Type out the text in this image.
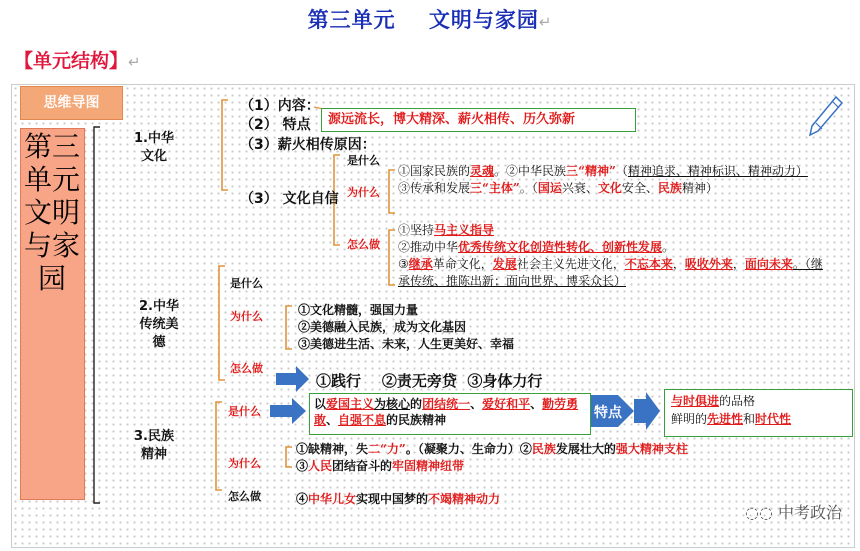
第三单元    文明与家园↵
【单元结构】↵
思维导图
第三单元 文明与家园
1.中华
文化
2.中华
传统美
德
3.民族
精神
（1）内容：
（2） 特点	源远流长，博大精深、薪火相传、历久弥新
（3）薪火相传原因：
（3） 文化自信
是什么
为什么
怎么做
①国家民族的灵魂。②中华民族三“精神”（精神追求、精神标识、精神动力）③传承和发展三“主体”。（国运兴衰、文化安全、民族精神）
①坚持马主义指导
②推动中华优秀传统文化创造性转化、创新性发展。
③继承革命文化，发展社会主义先进文化，不忘本来，吸收外来，面向未来。（继承传统、推陈出新；面向世界、博采众长）
是什么
为什么
怎么做
①文化精髓，强国力量
②美德融入民族，成为文化基因
③美德进生活、未来，人生更美好、幸福
①践行    ②责无旁贷  ③身体力行
是什么
为什么
怎么做
以爱国主义为核心的团结统一、爱好和平、勤劳勇敢、自强不息的民族精神	特点
与时俱进的品格
鲜明的先进性和时代性
①缺精神，失二“力”。（凝聚力、生命力）②民族发展壮大的强大精神支柱③人民团结奋斗的牢固精神纽带
④中华儿女实现中国梦的不竭精神动力
◌◌ 中考政治
